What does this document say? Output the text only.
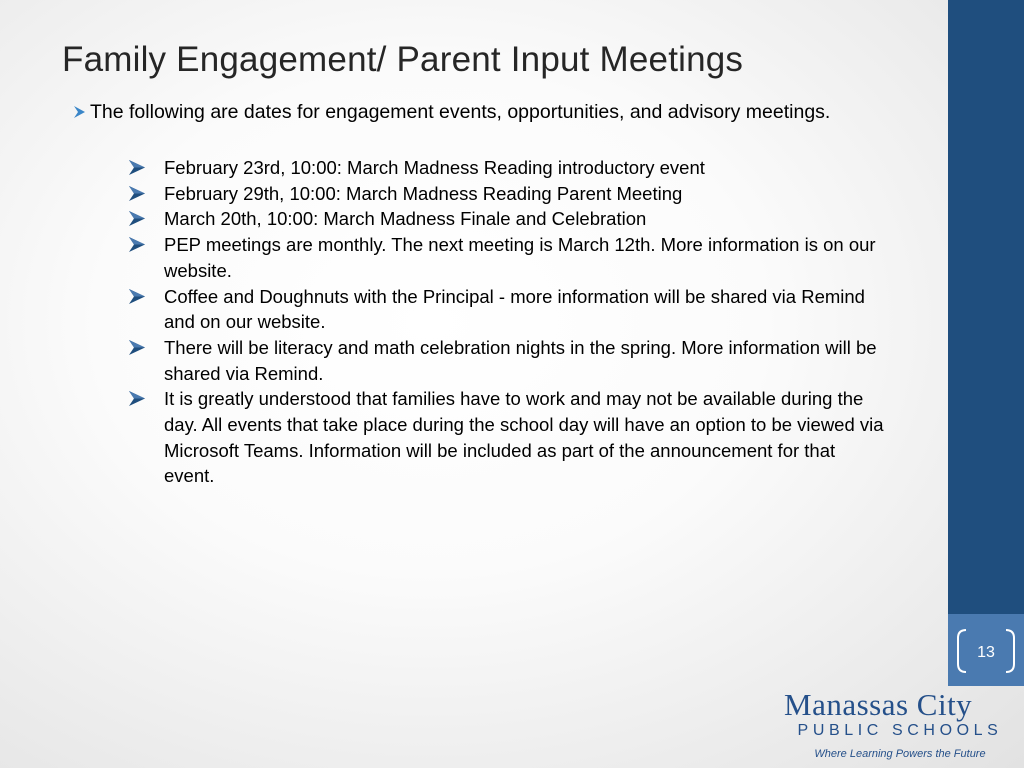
Family Engagement/ Parent Input Meetings
The following are dates for engagement events, opportunities, and advisory meetings.
February 23rd, 10:00: March Madness Reading introductory event
February 29th, 10:00: March Madness Reading Parent Meeting
March 20th, 10:00: March Madness Finale and Celebration
PEP meetings are monthly. The next meeting is March 12th. More information is on our website.
Coffee and Doughnuts with the Principal - more information will be shared via Remind and on our website.
There will be literacy and math celebration nights in the spring. More information will be shared via Remind.
It is greatly understood that families have to work and may not be available during the day. All events that take place during the school day will have an option to be viewed via Microsoft Teams. Information will be included as part of the announcement for that event.
13
Manassas City
PUBLIC SCHOOLS
Where Learning Powers the Future
